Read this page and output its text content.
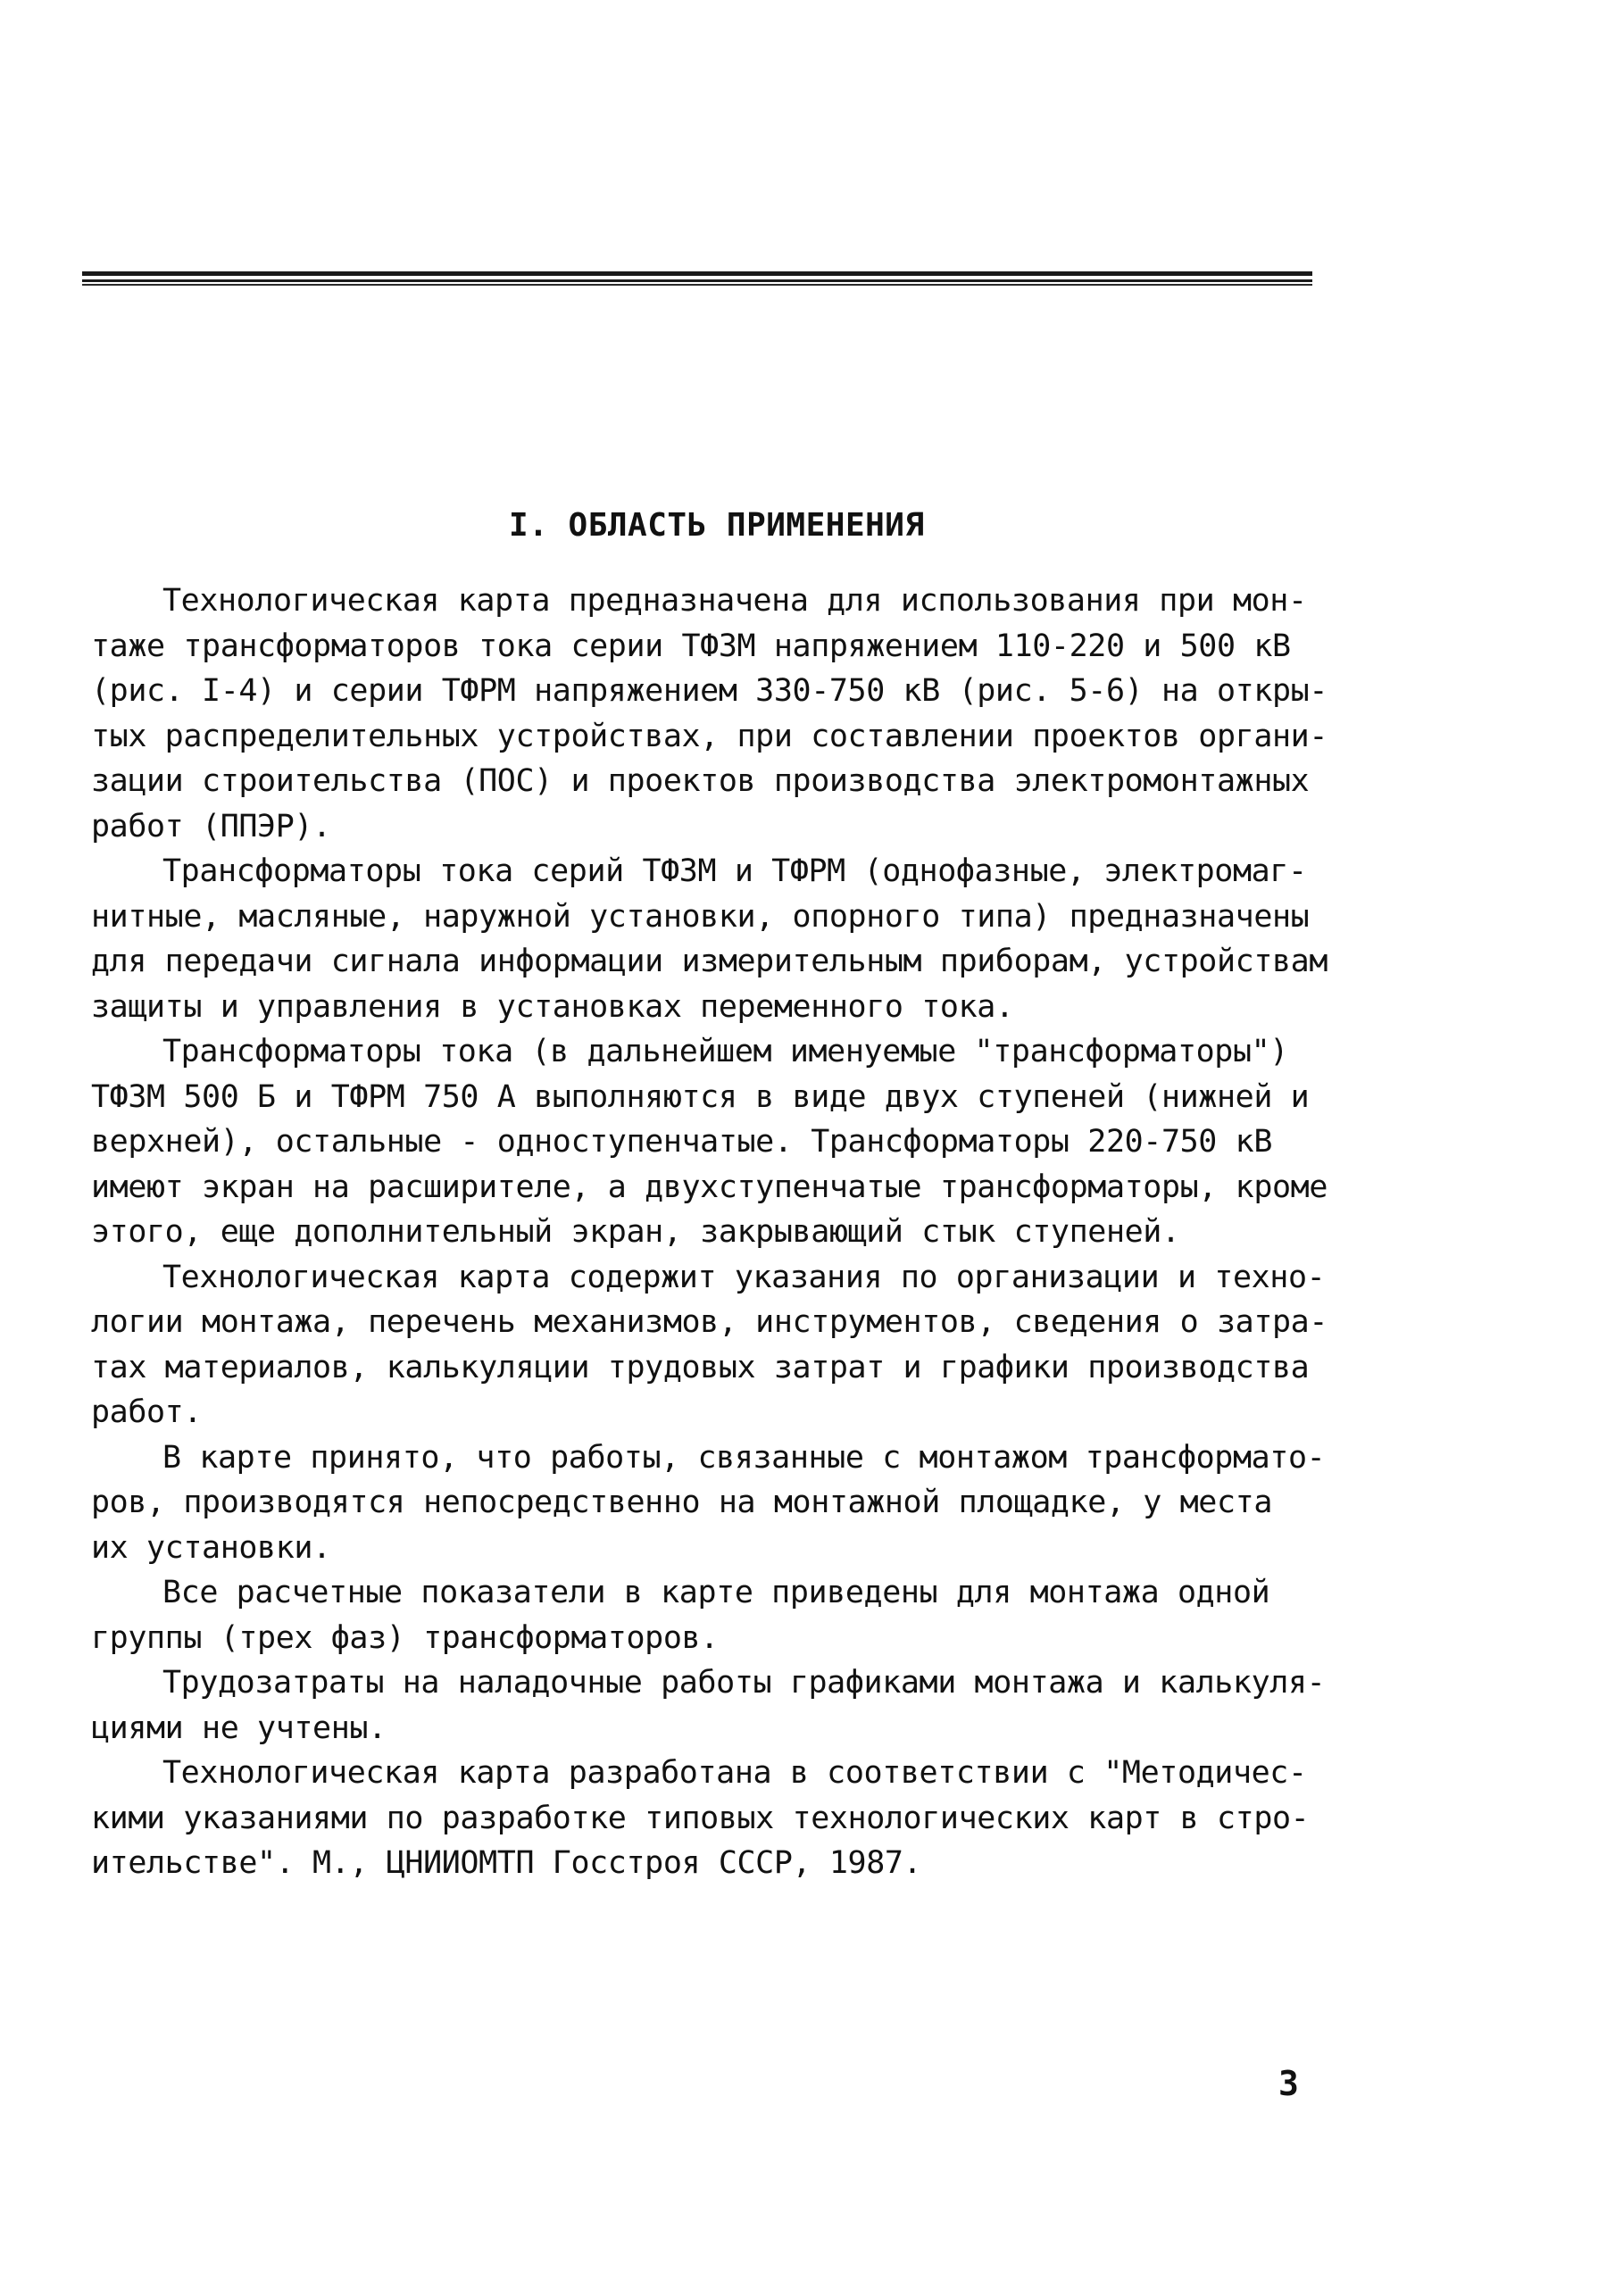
I. ОБЛАСТЬ ПРИМЕНЕНИЯ
Технологическая карта предназначена для использования при мон-
таже трансформаторов тока серии ТФЗМ напряжением 110-220 и 500 кВ
(рис. I-4) и серии ТФРМ напряжением 330-750 кВ (рис. 5-6) на откры-
тых распределительных устройствах, при составлении проектов органи-
зации строительства (ПОС) и проектов производства электромонтажных
работ (ППЭР).
Трансформаторы тока серий ТФЗМ и ТФРМ (однофазные, электромаг-
нитные, масляные, наружной установки, опорного типа) предназначены
для передачи сигнала информации измерительным приборам, устройствам
защиты и управления в установках переменного тока.
Трансформаторы тока (в дальнейшем именуемые "трансформаторы")
ТФЗМ 500 Б и ТФРМ 750 А выполняются в виде двух ступеней (нижней и
верхней), остальные - одноступенчатые. Трансформаторы 220-750 кВ
имеют экран на расширителе, а двухступенчатые трансформаторы, кроме
этого, еще дополнительный экран, закрывающий стык ступеней.
Технологическая карта содержит указания по организации и техно-
логии монтажа, перечень механизмов, инструментов, сведения о затра-
тах материалов, калькуляции трудовых затрат и графики производства
работ.
В карте принято, что работы, связанные с монтажом трансформато-
ров, производятся непосредственно на монтажной площадке, у места
их установки.
Все расчетные показатели в карте приведены для монтажа одной
группы (трех фаз) трансформаторов.
Трудозатраты на наладочные работы графиками монтажа и калькуля-
циями не учтены.
Технологическая карта разработана в соответствии с "Методичес-
кими указаниями по разработке типовых технологических карт в стро-
ительстве". М., ЦНИИОМТП Госстроя СССР, 1987.
3
